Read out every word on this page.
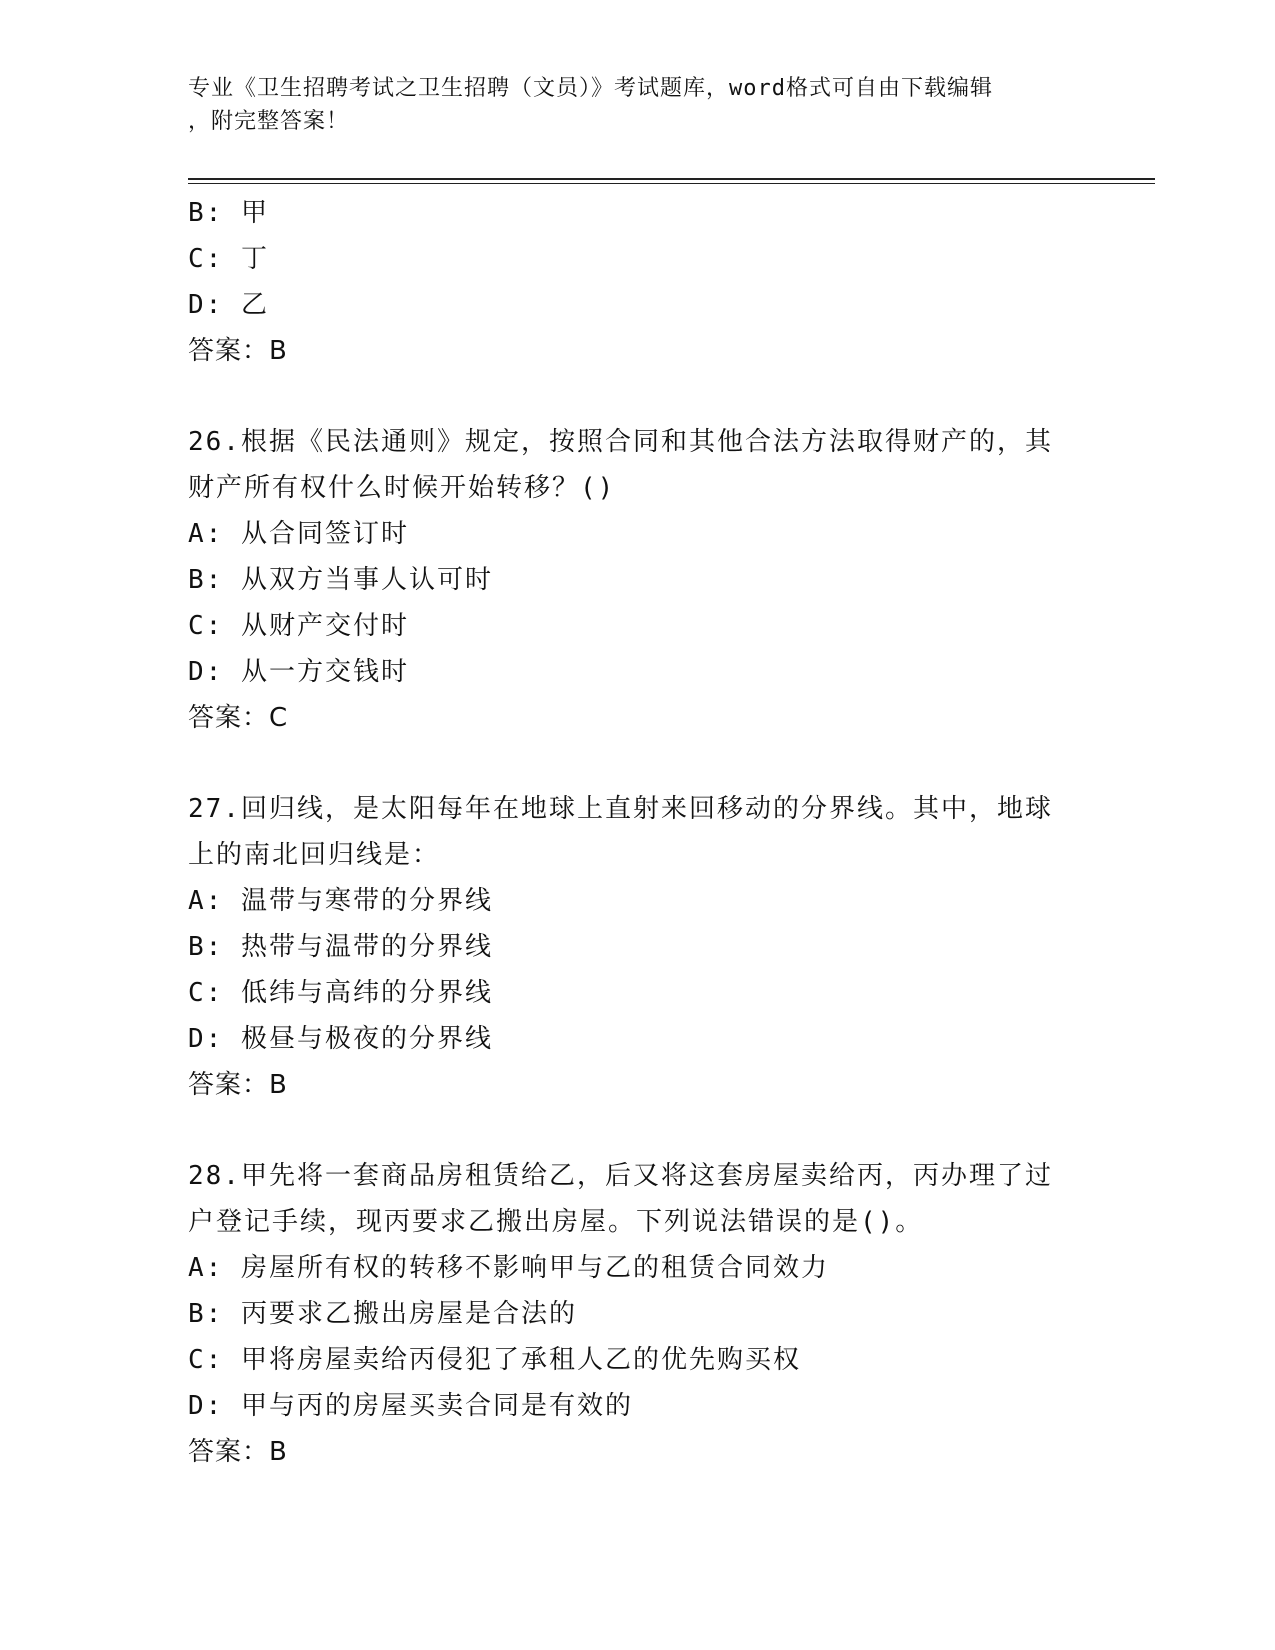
专业《卫生招聘考试之卫生招聘（文员）》考试题库，word格式可自由下载编辑
，附完整答案！
B: 甲
C: 丁
D: 乙
答案：B
26.根据《民法通则》规定，按照合同和其他合法方法取得财产的，其
财产所有权什么时候开始转移？()
A: 从合同签订时
B: 从双方当事人认可时
C: 从财产交付时
D: 从一方交钱时
答案：C
27.回归线，是太阳每年在地球上直射来回移动的分界线。其中，地球
上的南北回归线是：
A: 温带与寒带的分界线
B: 热带与温带的分界线
C: 低纬与高纬的分界线
D: 极昼与极夜的分界线
答案：B
28.甲先将一套商品房租赁给乙，后又将这套房屋卖给丙，丙办理了过
户登记手续，现丙要求乙搬出房屋。下列说法错误的是()。
A: 房屋所有权的转移不影响甲与乙的租赁合同效力
B: 丙要求乙搬出房屋是合法的
C: 甲将房屋卖给丙侵犯了承租人乙的优先购买权
D: 甲与丙的房屋买卖合同是有效的
答案：B
